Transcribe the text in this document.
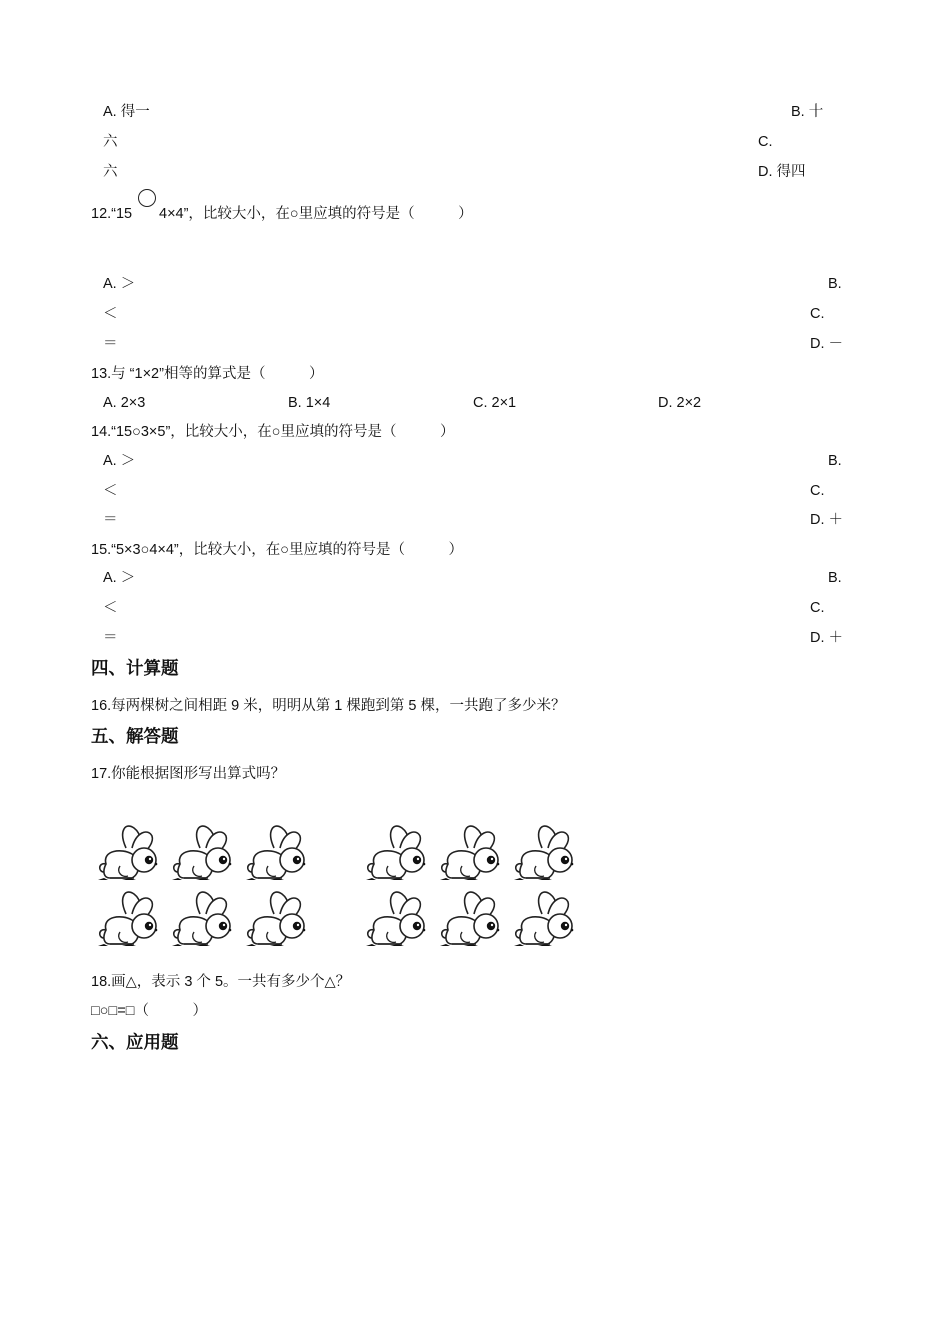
A. 得一	B. 十
六	C.
六	D. 得四
12.“15 4×4”，比较大小，在○里应填的符号是（　　　）
A. ＞	B.
＜	C.
＝	D. －
13.与 “1×2”相等的算式是（　　　）
A. 2×3	B. 1×4	C. 2×1	D. 2×2
14.“15○3×5”，比较大小，在○里应填的符号是（　　　）
A. ＞	B.
＜	C.
＝	D. ＋
15.“5×3○4×4”，比较大小，在○里应填的符号是（　　　）
A. ＞	B.
＜	C.
＝	D. ＋
四、计算题
16.每两棵树之间相距 9 米，明明从第 1 棵跑到第 5 棵，一共跑了多少米？
五、解答题
17.你能根据图形写出算式吗？
18.画△，表示 3 个 5。一共有多少个△？
□○□=□（　　　）
六、应用题
